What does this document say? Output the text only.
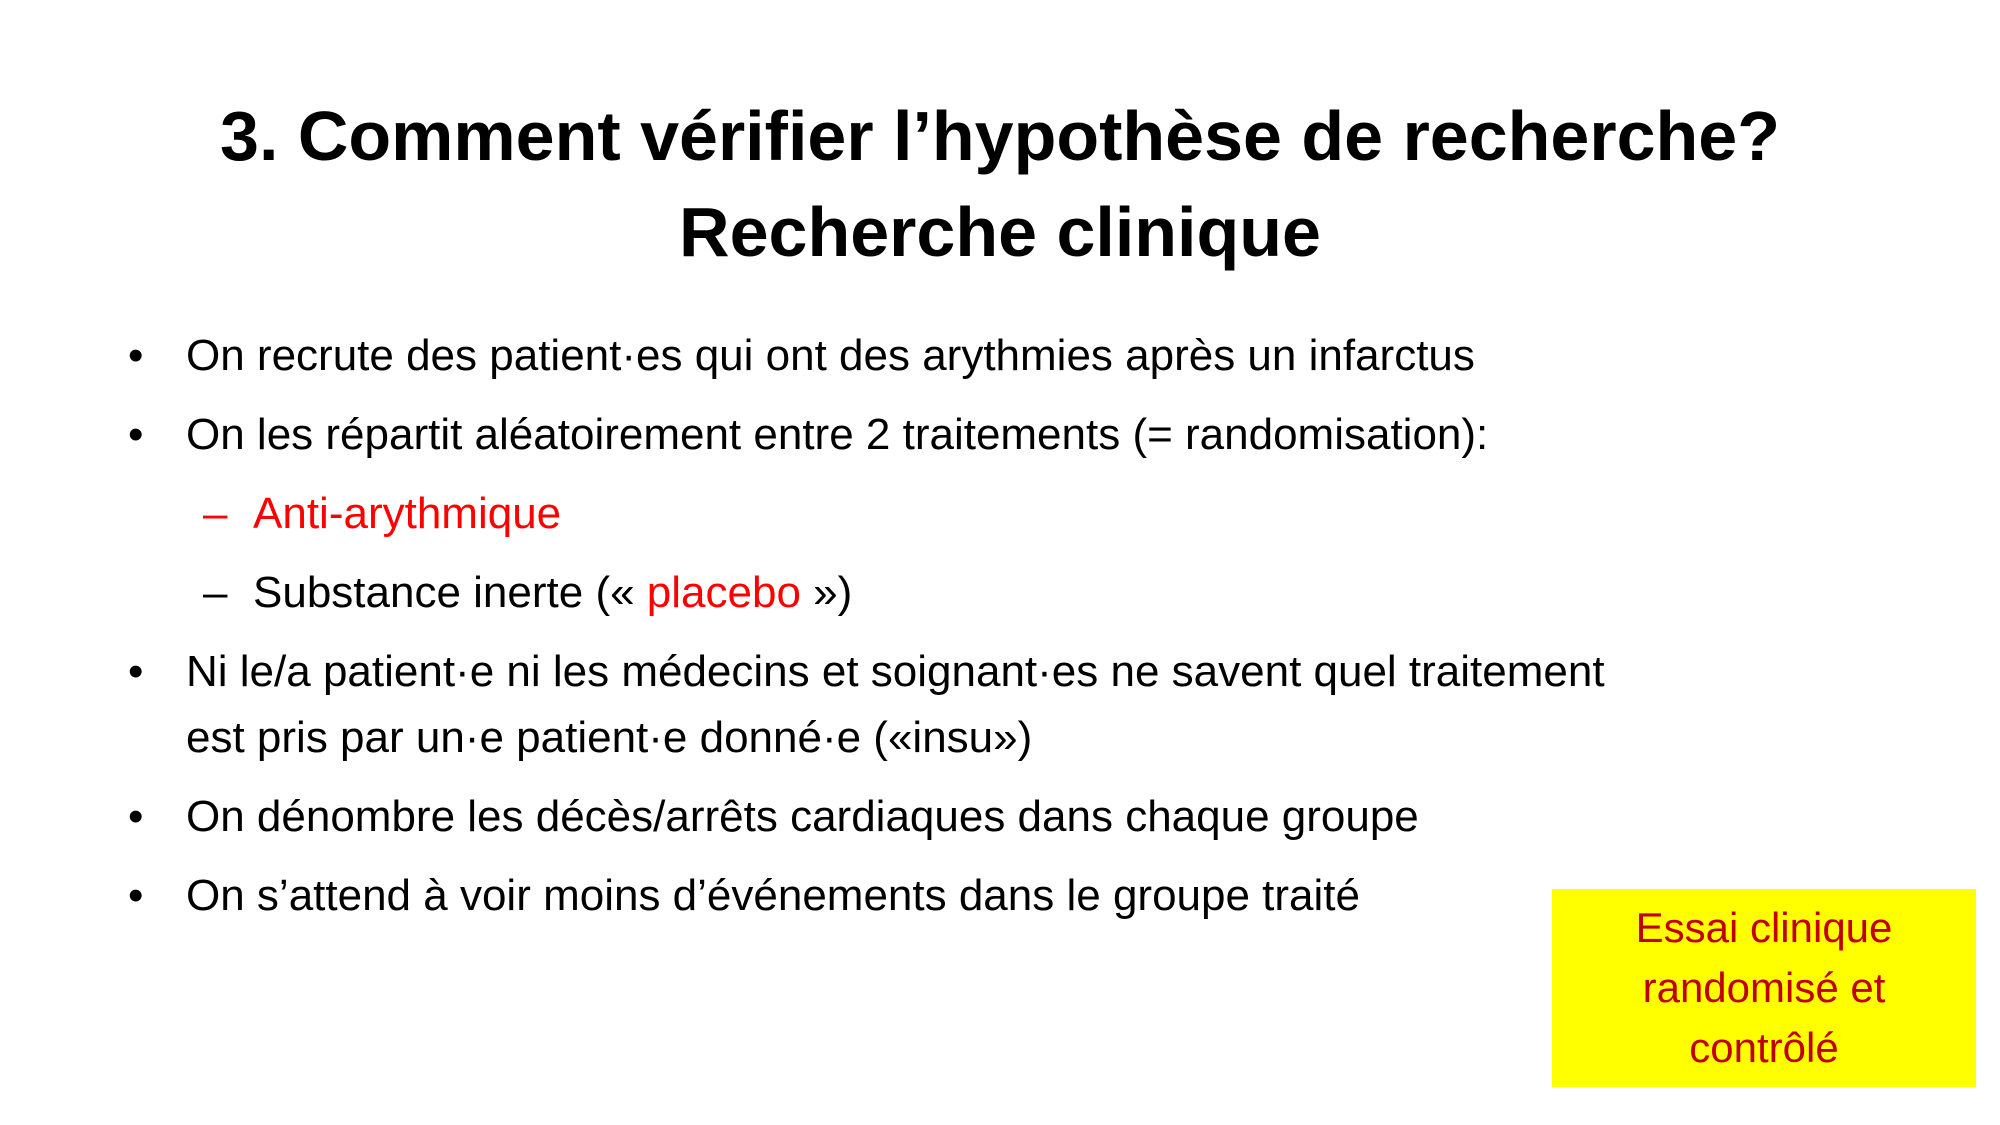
3. Comment vérifier l’hypothèse de recherche?
Recherche clinique
• On recrute des patient·es qui ont des arythmies après un infarctus
• On les répartit aléatoirement entre 2 traitements (= randomisation):
– Anti-arythmique
– Substance inerte (« placebo »)
• Ni le/a patient·e ni les médecins et soignant·es ne savent quel traitement
est pris par un·e patient·e donné·e («insu»)
• On dénombre les décès/arrêts cardiaques dans chaque groupe
• On s’attend à voir moins d’événements dans le groupe traité
Essai clinique
randomisé et
contrôlé
